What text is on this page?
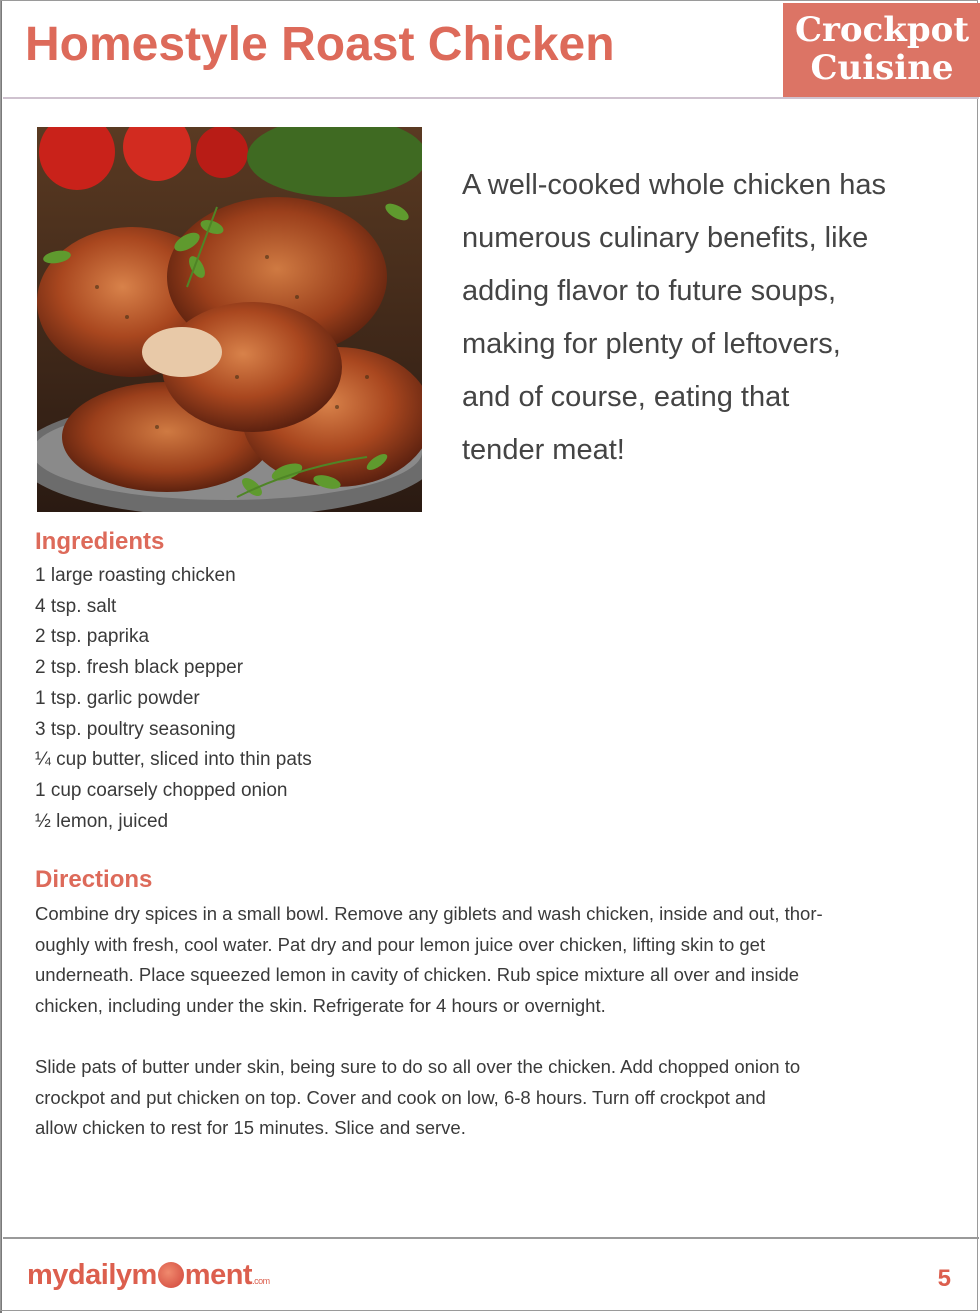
Homestyle Roast Chicken	Crockpot
Cuisine
A well-cooked whole chicken has
numerous culinary benefits, like
adding flavor to future soups,
making for plenty of leftovers,
and of course, eating that
tender meat!
Ingredients
1 large roasting chicken
4 tsp. salt
2 tsp. paprika
2 tsp. fresh black pepper
1 tsp. garlic powder
3 tsp. poultry seasoning
¼ cup butter, sliced into thin pats
1 cup coarsely chopped onion
½ lemon, juiced
Directions
Combine dry spices in a small bowl. Remove any giblets and wash chicken, inside and out, thor-
oughly with fresh, cool water. Pat dry and pour lemon juice over chicken, lifting skin to get
underneath. Place squeezed lemon in cavity of chicken. Rub spice mixture all over and inside
chicken, including under the skin. Refrigerate for 4 hours or overnight.
Slide pats of butter under skin, being sure to do so all over the chicken. Add chopped onion to
crockpot and put chicken on top. Cover and cook on low, 6-8 hours. Turn off crockpot and
allow chicken to rest for 15 minutes. Slice and serve.
mydailym ment.com	5
